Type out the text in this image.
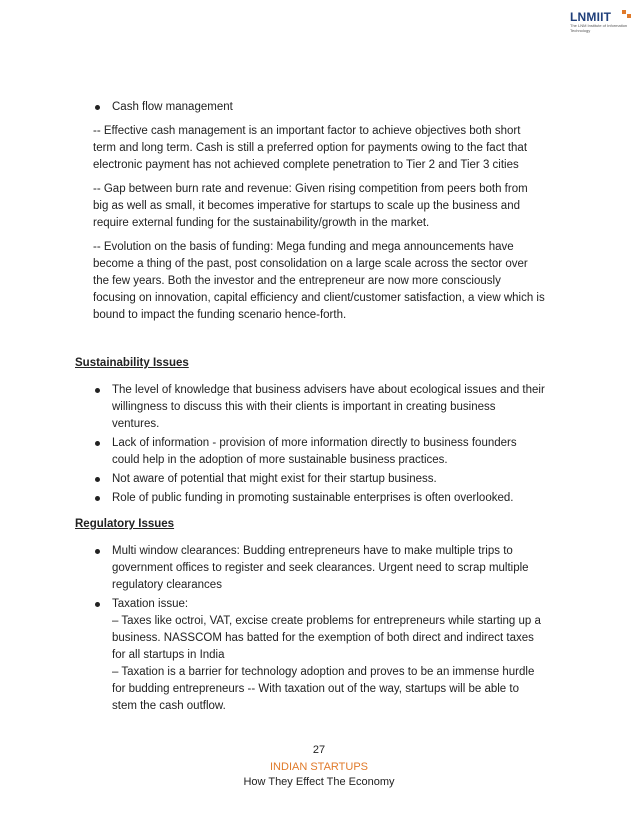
LNMIIT
The LNM Institute of Information Technology

Cash flow management

-- Effective cash management is an important factor to achieve objectives both short term and long term. Cash is still a preferred option for payments owing to the fact that electronic payment has not achieved complete penetration to Tier 2 and Tier 3 cities

-- Gap between burn rate and revenue: Given rising competition from peers both from big as well as small, it becomes imperative for startups to scale up the business and require external funding for the sustainability/growth in the market.

-- Evolution on the basis of funding: Mega funding and mega announcements have become a thing of the past, post consolidation on a large scale across the sector over the few years. Both the investor and the entrepreneur are now more consciously focusing on innovation, capital efficiency and client/customer satisfaction, a view which is bound to impact the funding scenario hence-forth.

Sustainability Issues

The level of knowledge that business advisers have about ecological issues and their willingness to discuss this with their clients is important in creating business ventures.

Lack of information - provision of more information directly to business founders could help in the adoption of more sustainable business practices.

Not aware of potential that might exist for their startup business.

Role of public funding in promoting sustainable enterprises is often overlooked.

Regulatory Issues

Multi window clearances: Budding entrepreneurs have to make multiple trips to government offices to register and seek clearances. Urgent need to scrap multiple regulatory clearances

Taxation issue:
– Taxes like octroi, VAT, excise create problems for entrepreneurs while starting up a business. NASSCOM has batted for the exemption of both direct and indirect taxes for all startups in India
– Taxation is a barrier for technology adoption and proves to be an immense hurdle for budding entrepreneurs -- With taxation out of the way, startups will be able to stem the cash outflow.
27
INDIAN STARTUPS
How They Effect The Economy
